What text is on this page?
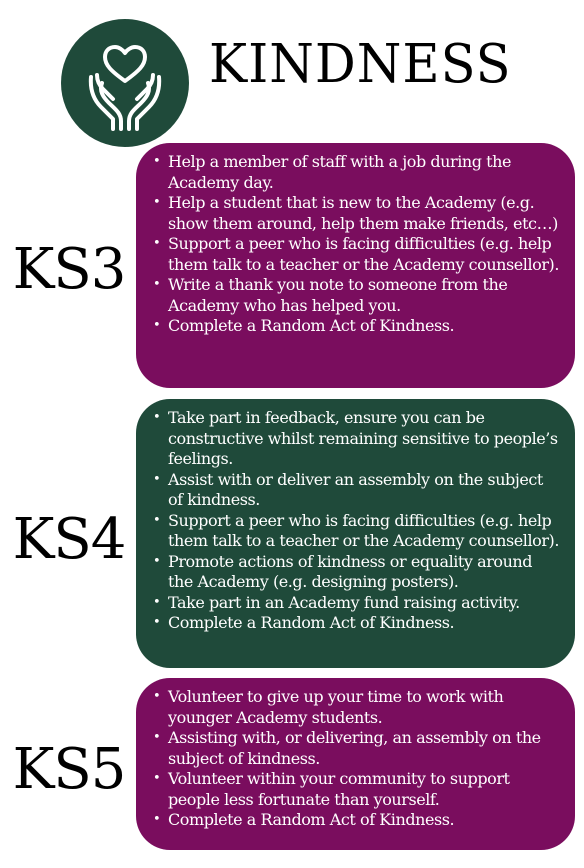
KINDNESS
KS3
• Help a member of staff with a job during the Academy day.
• Help a student that is new to the Academy (e.g. show them around, help them make friends, etc…)
• Support a peer who is facing difficulties (e.g. help them talk to a teacher or the Academy counsellor).
• Write a thank you note to someone from the Academy who has helped you.
• Complete a Random Act of Kindness.
KS4
• Take part in feedback, ensure you can be constructive whilst remaining sensitive to people’s feelings.
• Assist with or deliver an assembly on the subject of kindness.
• Support a peer who is facing difficulties (e.g. help them talk to a teacher or the Academy counsellor).
• Promote actions of kindness or equality around the Academy (e.g. designing posters).
• Take part in an Academy fund raising activity.
• Complete a Random Act of Kindness.
KS5
• Volunteer to give up your time to work with younger Academy students.
• Assisting with, or delivering, an assembly on the subject of kindness.
• Volunteer within your community to support people less fortunate than yourself.
• Complete a Random Act of Kindness.
